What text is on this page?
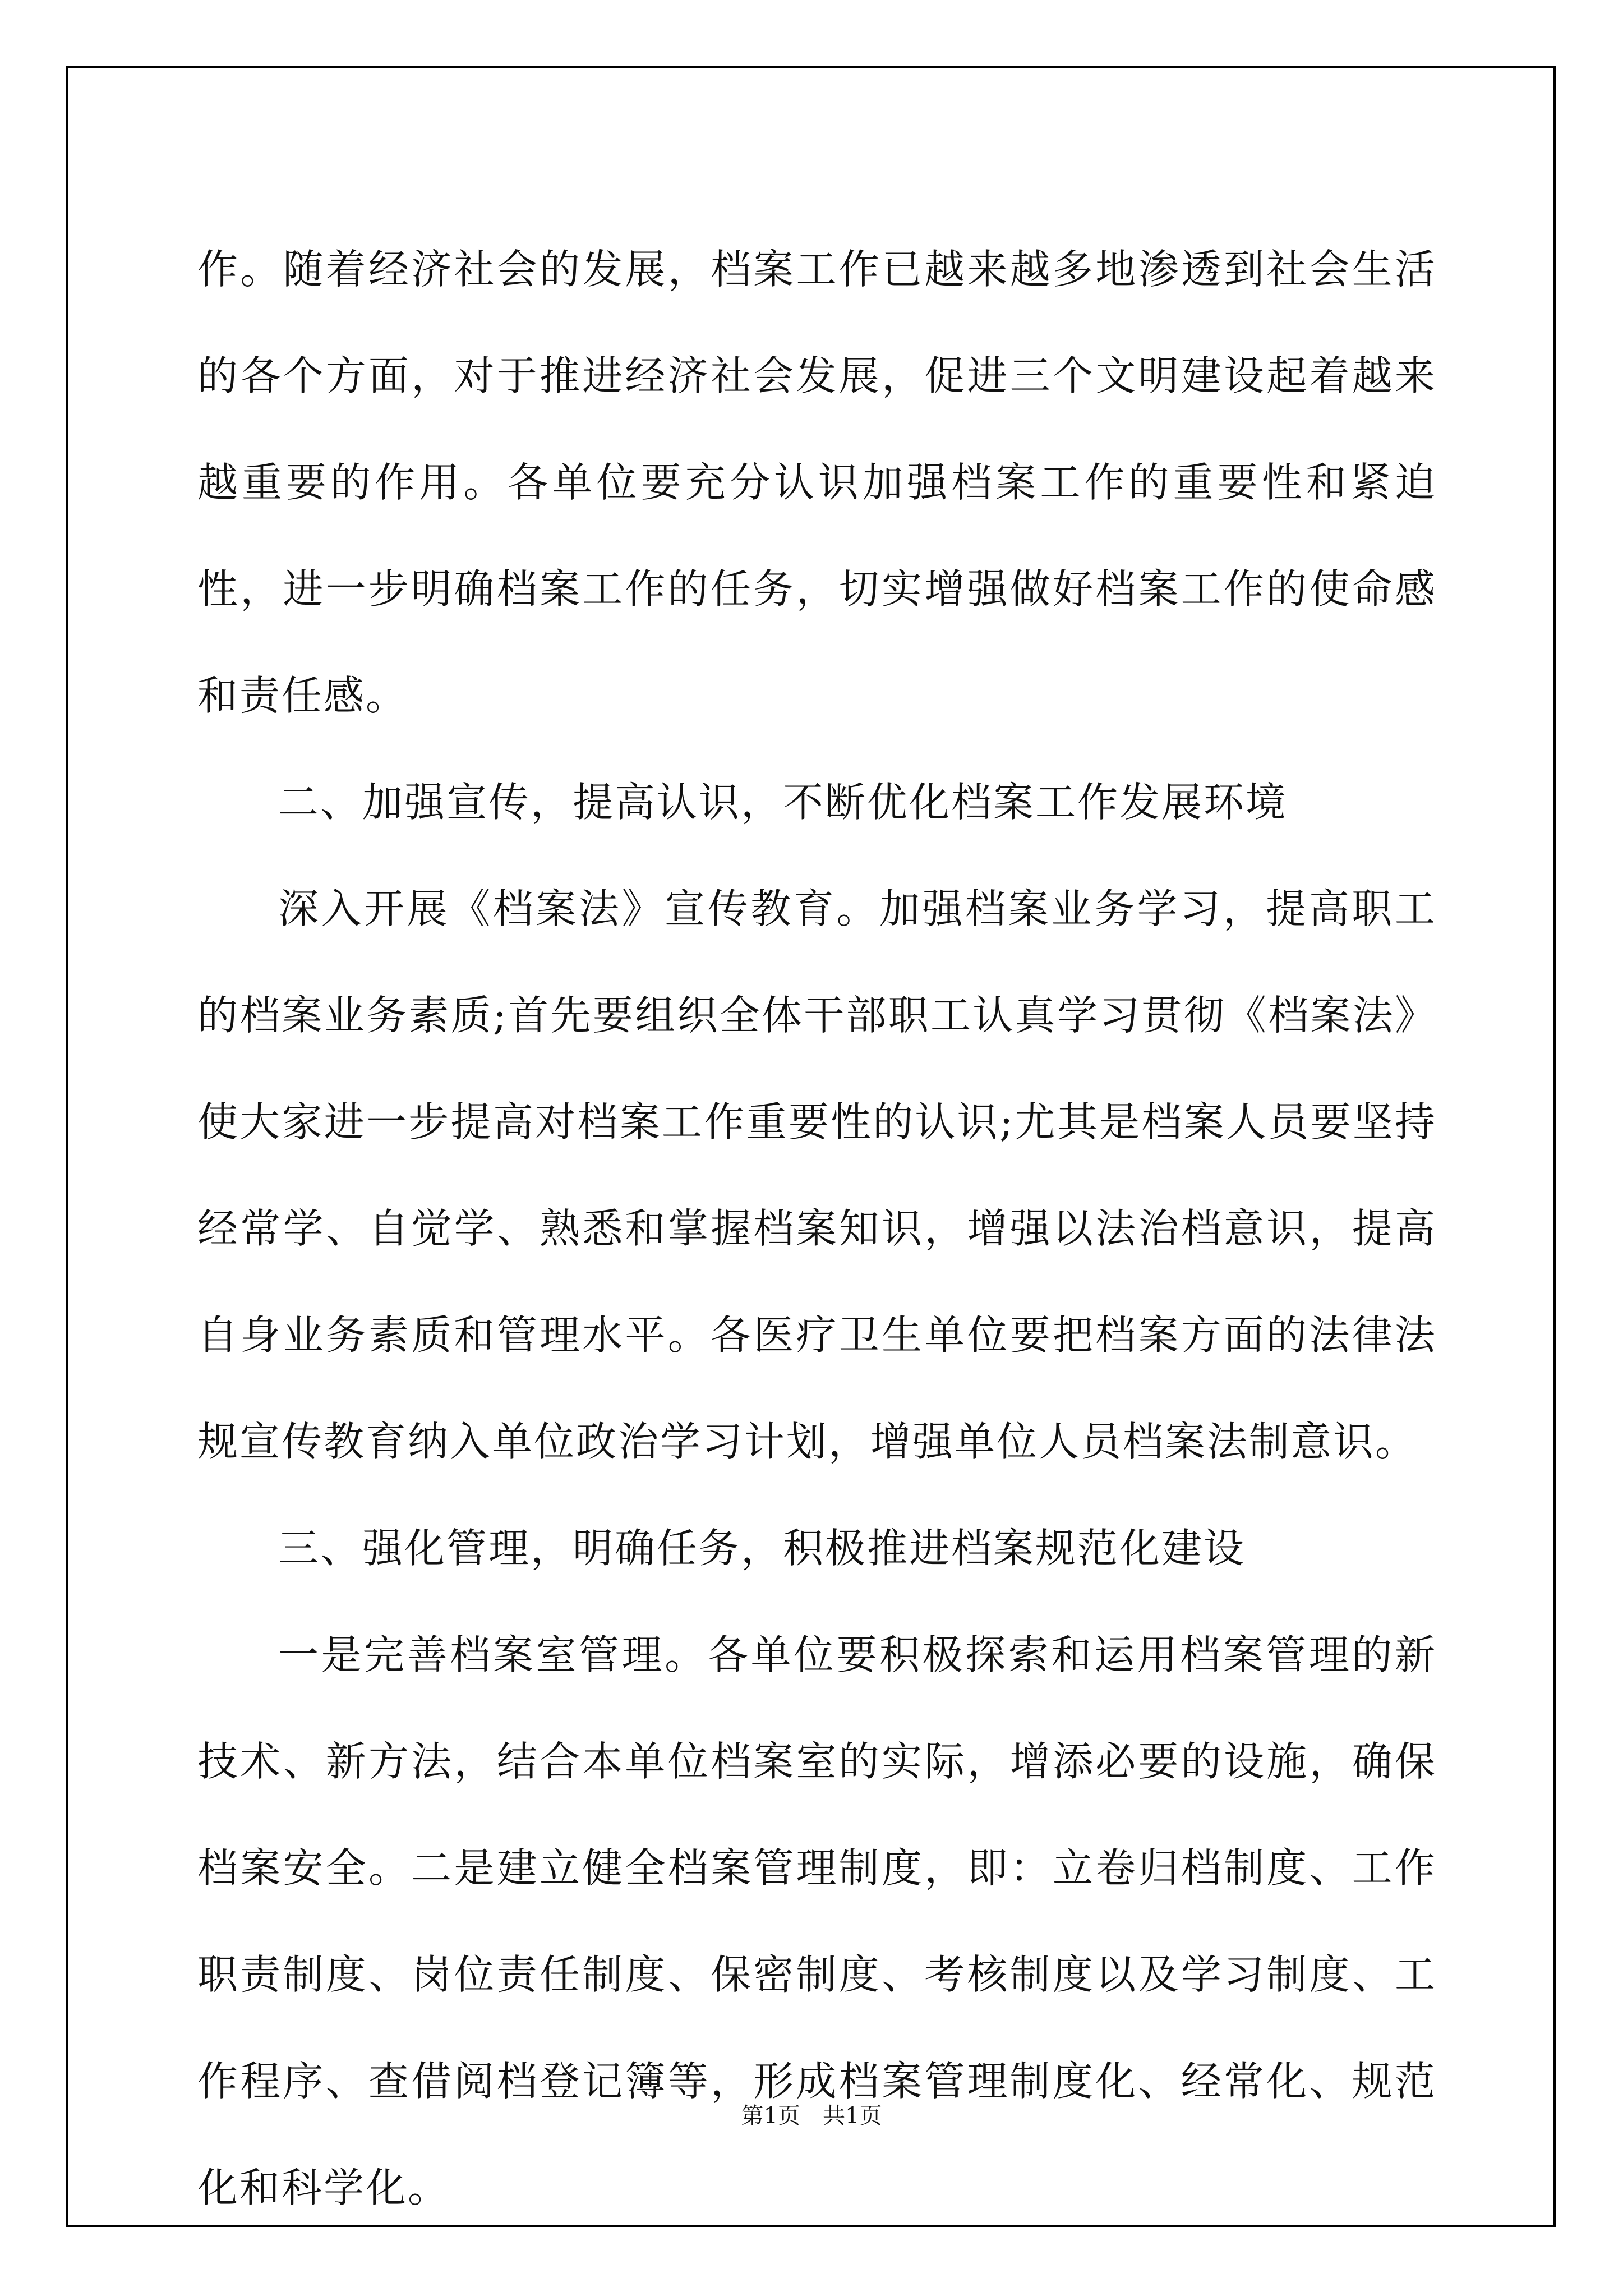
作。随着经济社会的发展，档案工作已越来越多地渗透到社会生活的各个方面，对于推进经济社会发展，促进三个文明建设起着越来越重要的作用。各单位要充分认识加强档案工作的重要性和紧迫性，进一步明确档案工作的任务，切实增强做好档案工作的使命感和责任感。

二、加强宣传，提高认识，不断优化档案工作发展环境

深入开展《档案法》宣传教育。加强档案业务学习，提高职工的档案业务素质;首先要组织全体干部职工认真学习贯彻《档案法》使大家进一步提高对档案工作重要性的认识;尤其是档案人员要坚持经常学、自觉学、熟悉和掌握档案知识，增强以法治档意识，提高自身业务素质和管理水平。各医疗卫生单位要把档案方面的法律法规宣传教育纳入单位政治学习计划，增强单位人员档案法制意识。

三、强化管理，明确任务，积极推进档案规范化建设

一是完善档案室管理。各单位要积极探索和运用档案管理的新技术、新方法，结合本单位档案室的实际，增添必要的设施，确保档案安全。二是建立健全档案管理制度，即：立卷归档制度、工作职责制度、岗位责任制度、保密制度、考核制度以及学习制度、工作程序、查借阅档登记簿等，形成档案管理制度化、经常化、规范化和科学化。

第1页 共1页
